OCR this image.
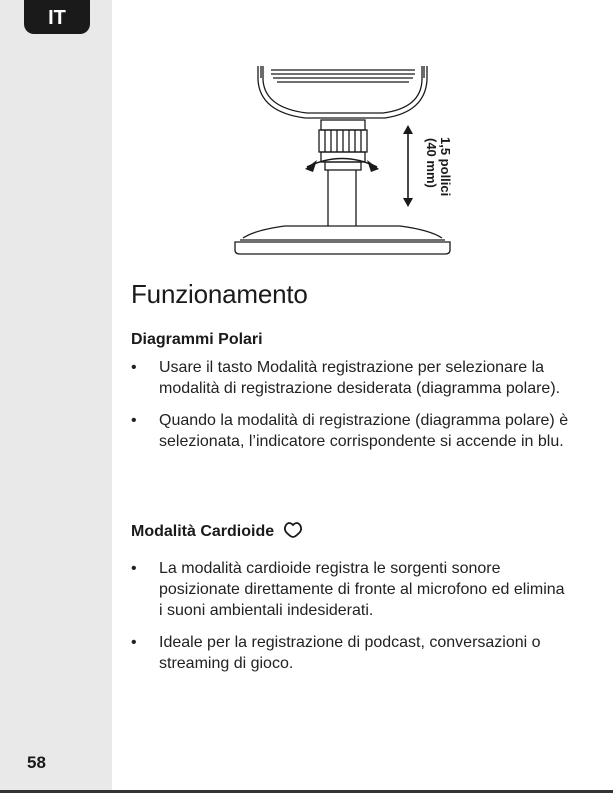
IT
58
1,5 pollici
(40 mm)
Funzionamento
Diagrammi Polari
• Usare il tasto Modalità registrazione per selezionare la modalità di registrazione desiderata (diagramma polare).
• Quando la modalità di registrazione (diagramma polare) è selezionata, l’indicatore corrispondente si accende in blu.
Modalità Cardioide
• La modalità cardioide registra le sorgenti sonore posizionate direttamente di fronte al microfono ed elimina i suoni ambientali indesiderati.
• Ideale per la registrazione di podcast, conversazioni o streaming di gioco.
